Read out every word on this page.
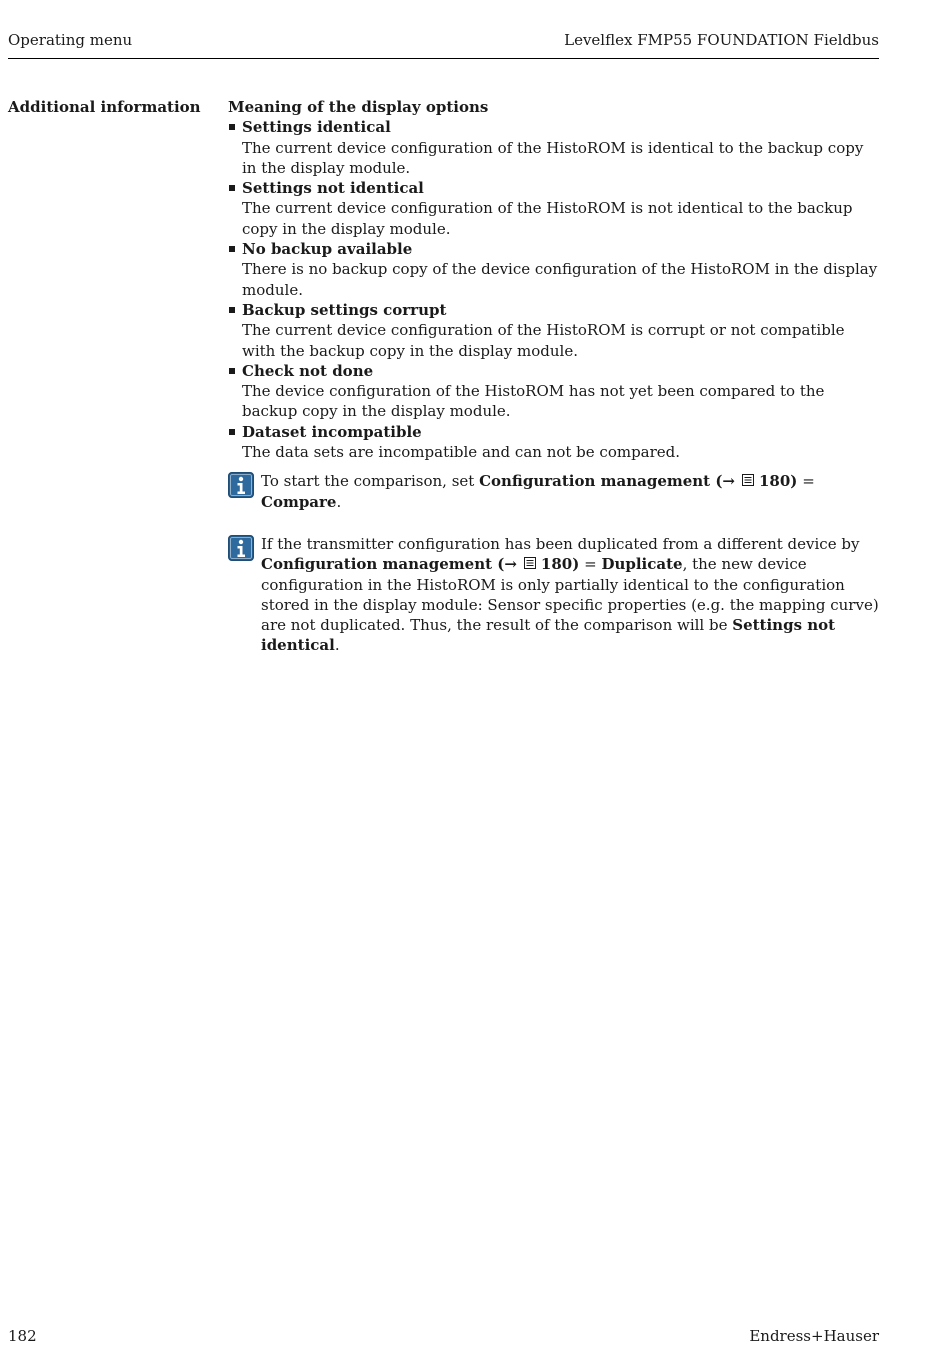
Operating menu	Levelflex FMP55 FOUNDATION Fieldbus
Additional information	Meaning of the display options

Settings identical
The current device configuration of the HistoROM is identical to the backup copy in the display module.
Settings not identical
The current device configuration of the HistoROM is not identical to the backup copy in the display module.
No backup available
There is no backup copy of the device configuration of the HistoROM in the display module.
Backup settings corrupt
The current device configuration of the HistoROM is corrupt or not compatible with the backup copy in the display module.
Check not done
The device configuration of the HistoROM has not yet been compared to the backup copy in the display module.
Dataset incompatible
The data sets are incompatible and can not be compared.
To start the comparison, set Configuration management (→ 180) = Compare.
If the transmitter configuration has been duplicated from a different device by Configuration management (→ 180) = Duplicate, the new device configuration in the HistoROM is only partially identical to the configuration stored in the display module: Sensor specific properties (e.g. the mapping curve) are not duplicated. Thus, the result of the comparison will be Settings not identical.
182	Endress+Hauser
